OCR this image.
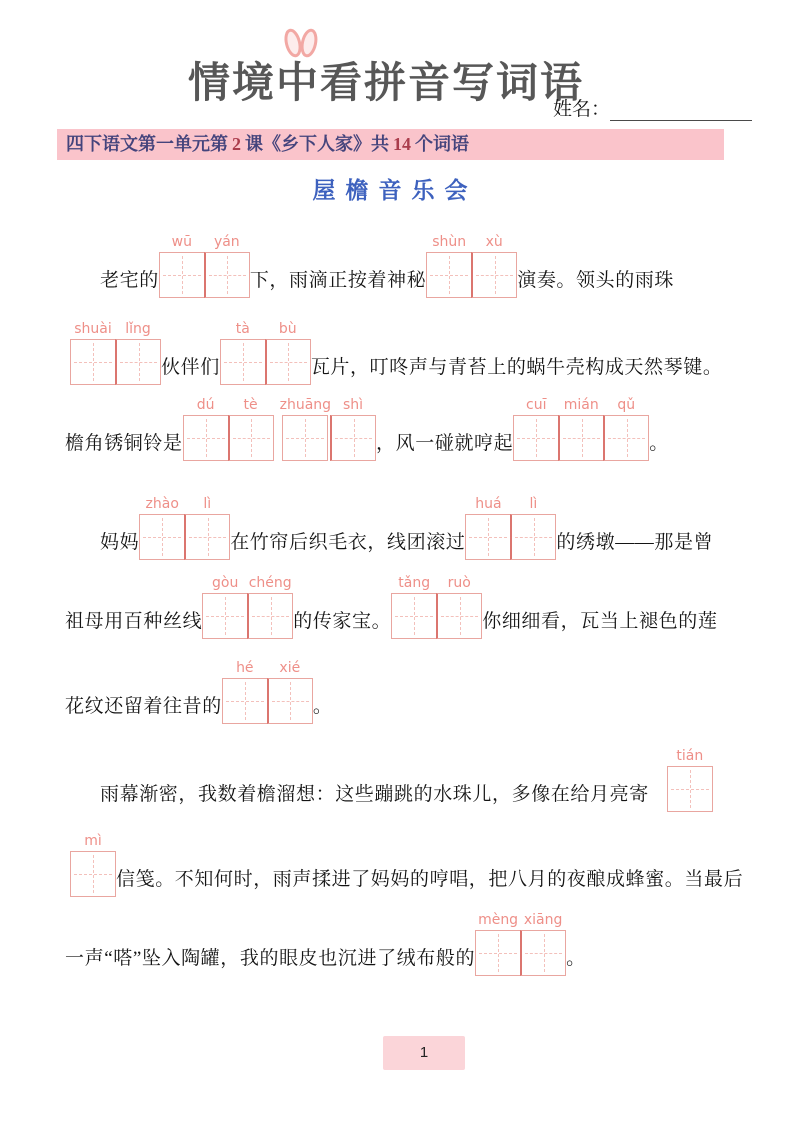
情境
中看拼音写词语
姓名：
四下语文第一单元第 2 课《乡下人家》共 14 个词语
屋檐音乐会
老宅的
wū yán
下，雨滴正按着神秘
shùn xù
演奏。领头的雨珠
shuài lǐng
伙伴们
tà bù
瓦片，叮咚声与青苔上的蜗牛壳构成天然琴键。
檐角锈铜铃是
dú tè zhuāng shì
，风一碰就哼起
cuī mián qǔ
。
妈妈
zhào lì
在竹帘后织毛衣，线团滚过
huá lì
的绣墩——那是曾
祖母用百种丝线
gòu chéng
的传家宝。
tǎng ruò
你细细看，瓦当上褪色的莲
花纹还留着往昔的
hé xié
。
雨幕渐密，我数着檐溜想：这些蹦跳的水珠儿，多像在给月亮寄
tián
mì
信笺。不知何时，雨声揉进了妈妈的哼唱，把八月的夜酿成蜂蜜。当最后
一声“嗒”坠入陶罐，我的眼皮也沉进了绒布般的
mèng xiāng
。
1
